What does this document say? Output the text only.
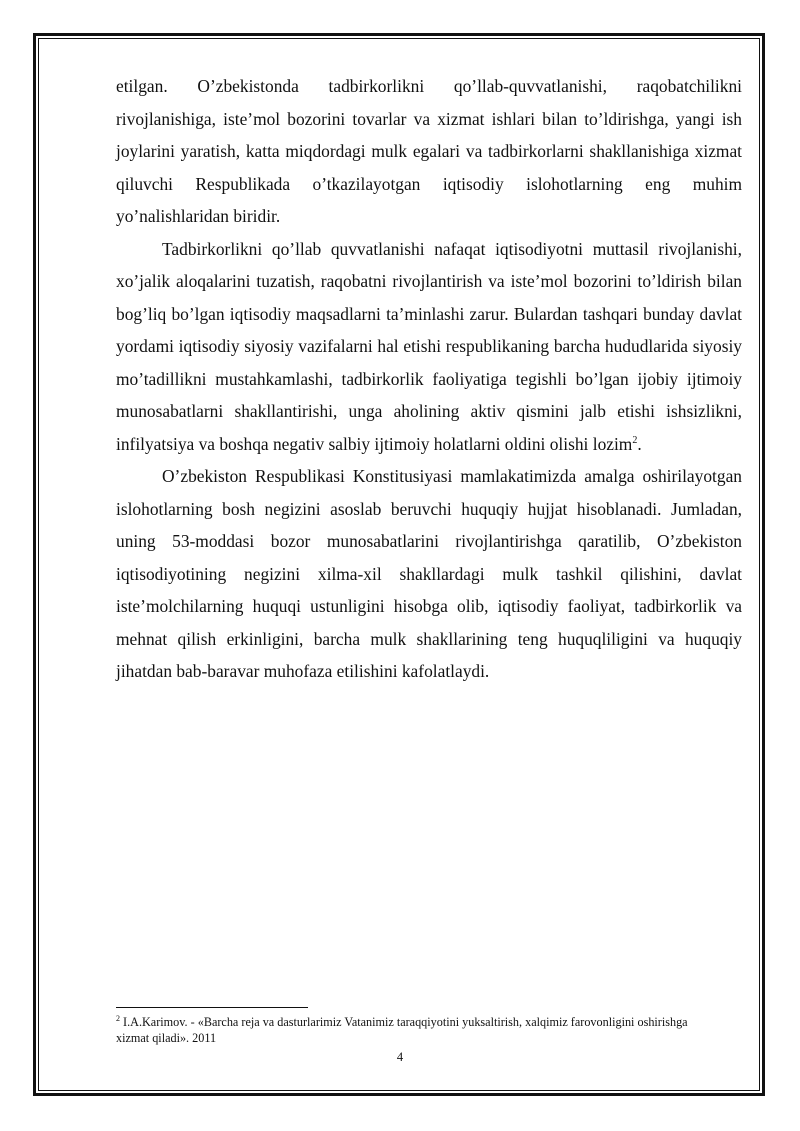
etilgan. O’zbekistonda tadbirkorlikni qo’llab-quvvatlanishi, raqobatchilikni rivojlanishiga, iste’mol bozorini tovarlar va xizmat ishlari bilan to’ldirishga, yangi ish joylarini yaratish, katta miqdordagi mulk egalari va tadbirkorlarni shakllanishiga xizmat qiluvchi Respublikada o’tkazilayotgan iqtisodiy islohotlarning eng muhim yo’nalishlaridan biridir.

Tadbirkorlikni qo’llab quvvatlanishi nafaqat iqtisodiyotni muttasil rivojlanishi, xo’jalik aloqalarini tuzatish, raqobatni rivojlantirish va iste’mol bozorini to’ldirish bilan bog’liq bo’lgan iqtisodiy maqsadlarni ta’minlashi zarur. Bulardan tashqari bunday davlat yordami iqtisodiy siyosiy vazifalarni hal etishi respublikaning barcha hududlarida siyosiy mo’tadillikni mustahkamlashi, tadbirkorlik faoliyatiga tegishli bo’lgan ijobiy ijtimoiy munosabatlarni shakllantirishi, unga aholining aktiv qismini jalb etishi ishsizlikni, infilyatsiya va boshqa negativ salbiy ijtimoiy holatlarni oldini olishi lozim$^2$.

O’zbekiston Respublikasi Konstitusiyasi mamlakatimizda amalga oshirilayotgan islohotlarning bosh negizini asoslab beruvchi huquqiy hujjat hisoblanadi. Jumladan, uning 53-moddasi bozor munosabatlarini rivojlantirishga qaratilib, O’zbekiston iqtisodiyotining negizini xilma-xil shakllardagi mulk tashkil qilishini, davlat iste’molchilarning huquqi ustunligini hisobga olib, iqtisodiy faoliyat, tadbirkorlik va mehnat qilish erkinligini, barcha mulk shakllarining teng huquqliligini va huquqiy jihatdan bab-baravar muhofaza etilishini kafolatlaydi.

$^2$ I.A.Karimov. - «Barcha reja va dasturlarimiz Vatanimiz taraqqiyotini yuksaltirish, xalqimiz farovonligini oshirishga xizmat qiladi». 2011
4
